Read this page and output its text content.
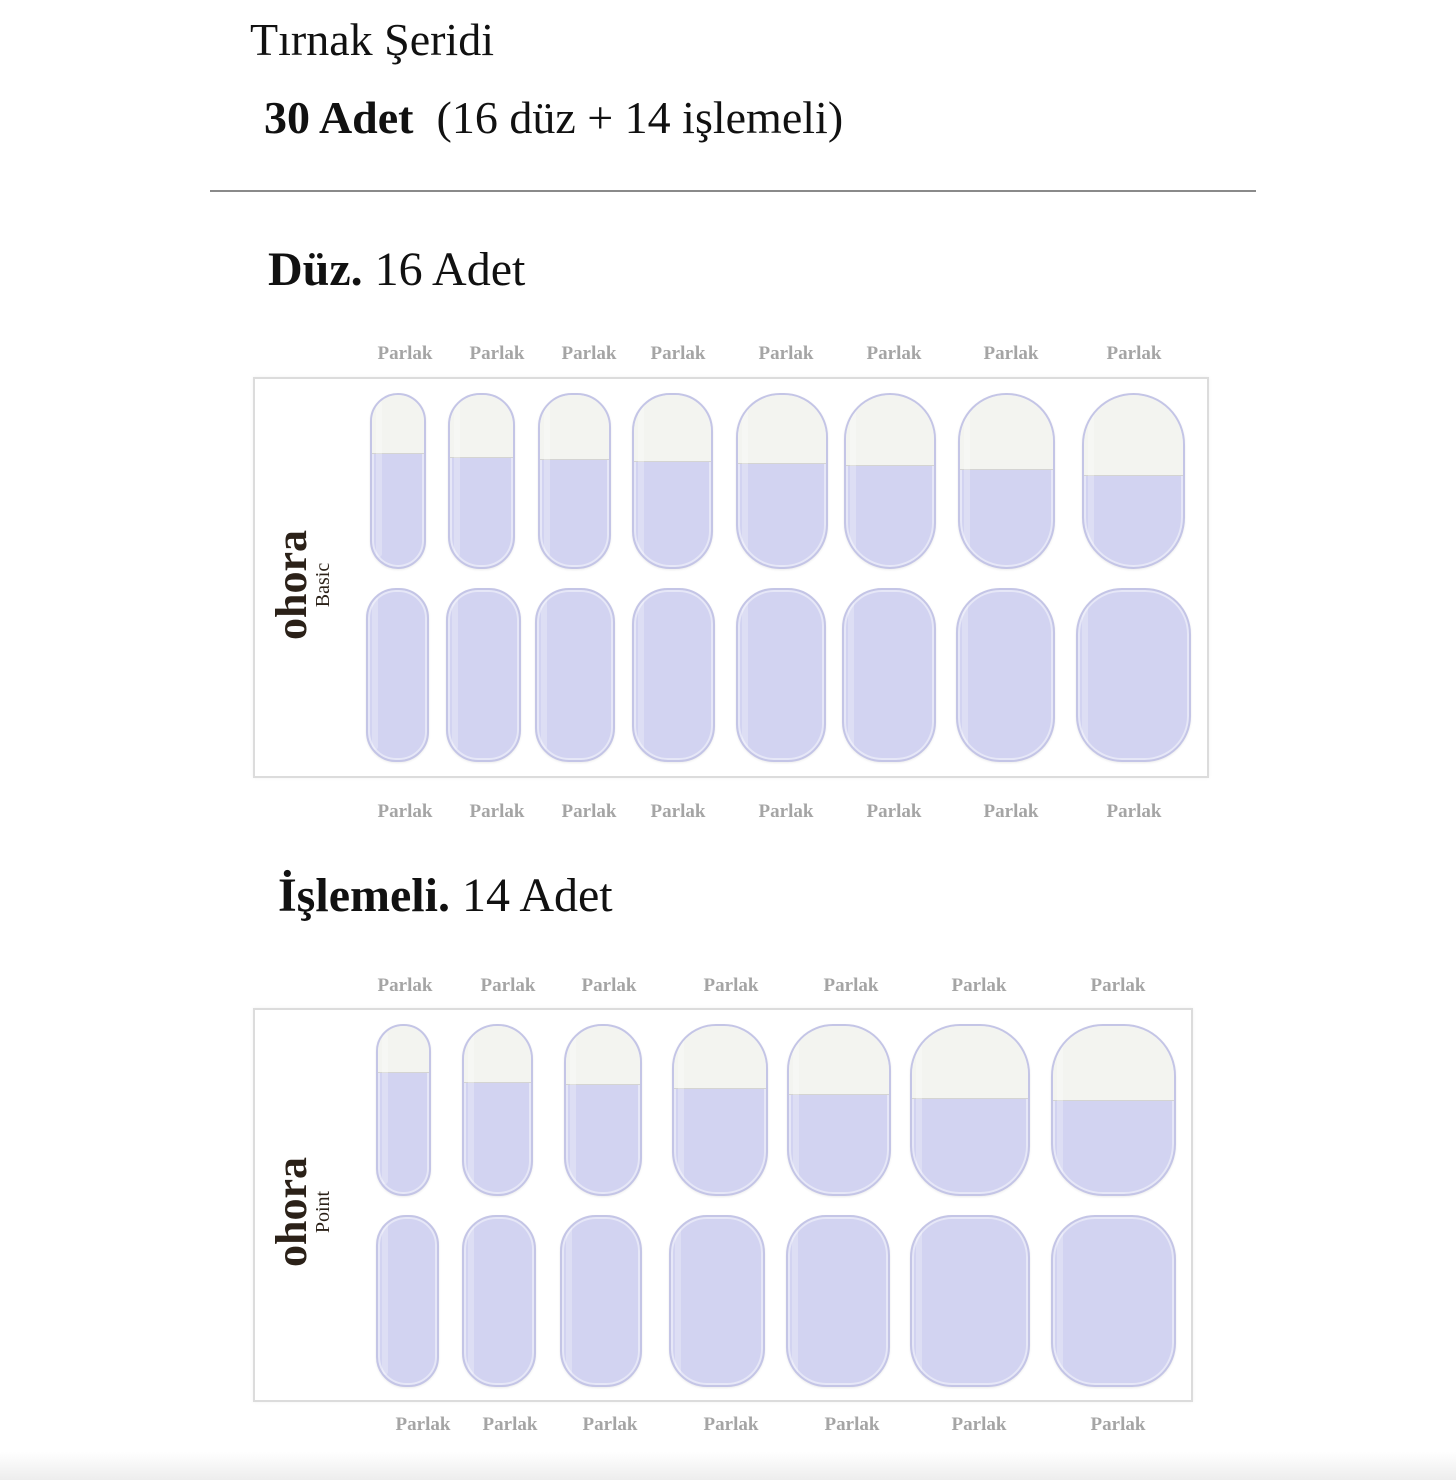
Tırnak Şeridi
30 Adet (16 düz + 14 işlemeli)
Düz. 16 Adet
Parlak	Parlak	Parlak	Parlak	Parlak	Parlak	Parlak	Parlak
ohora
Basic
Parlak	Parlak	Parlak	Parlak	Parlak	Parlak	Parlak	Parlak
İşlemeli. 14 Adet
Parlak	Parlak	Parlak	Parlak	Parlak	Parlak	Parlak
ohora
Point
Parlak	Parlak	Parlak	Parlak	Parlak	Parlak	Parlak
